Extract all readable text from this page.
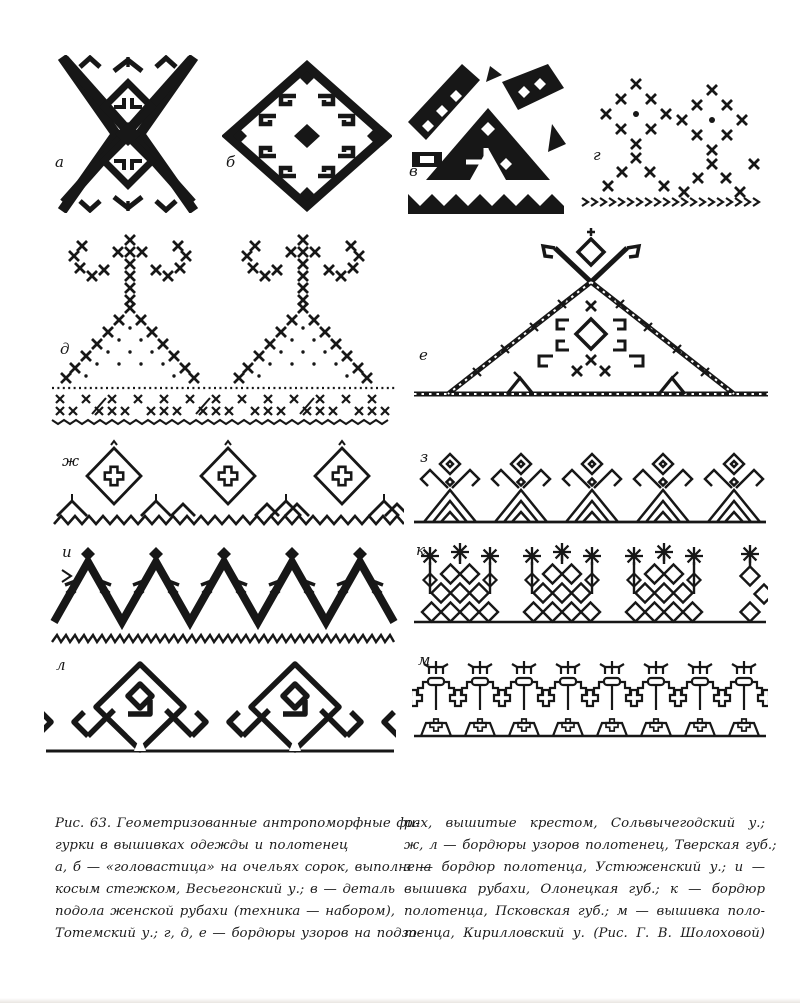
а	б	в
г
д	е
ж	з
и	к
л	м
Рис. 63. Геометризованные антропоморфные фи-
гурки в вышивках одежды и полотенец
а, б — «головастица» на очельях сорок, выполнена
косым стежком, Весьегонский у.; в — деталь
подола женской рубахи (техника — набором),
Тотемский у.; г, д, е — бордюры узоров на подзо-
рах, вышитые крестом, Сольвычегодский у.;
ж, л — бордюры узоров полотенец, Тверская губ.;
з — бордюр полотенца, Устюженский у.; и —
вышивка рубахи, Олонецкая губ.; к — бордюр
полотенца, Псковская губ.; м — вышивка поло-
тенца, Кирилловский у. (Рис. Г. В. Шолоховой)
